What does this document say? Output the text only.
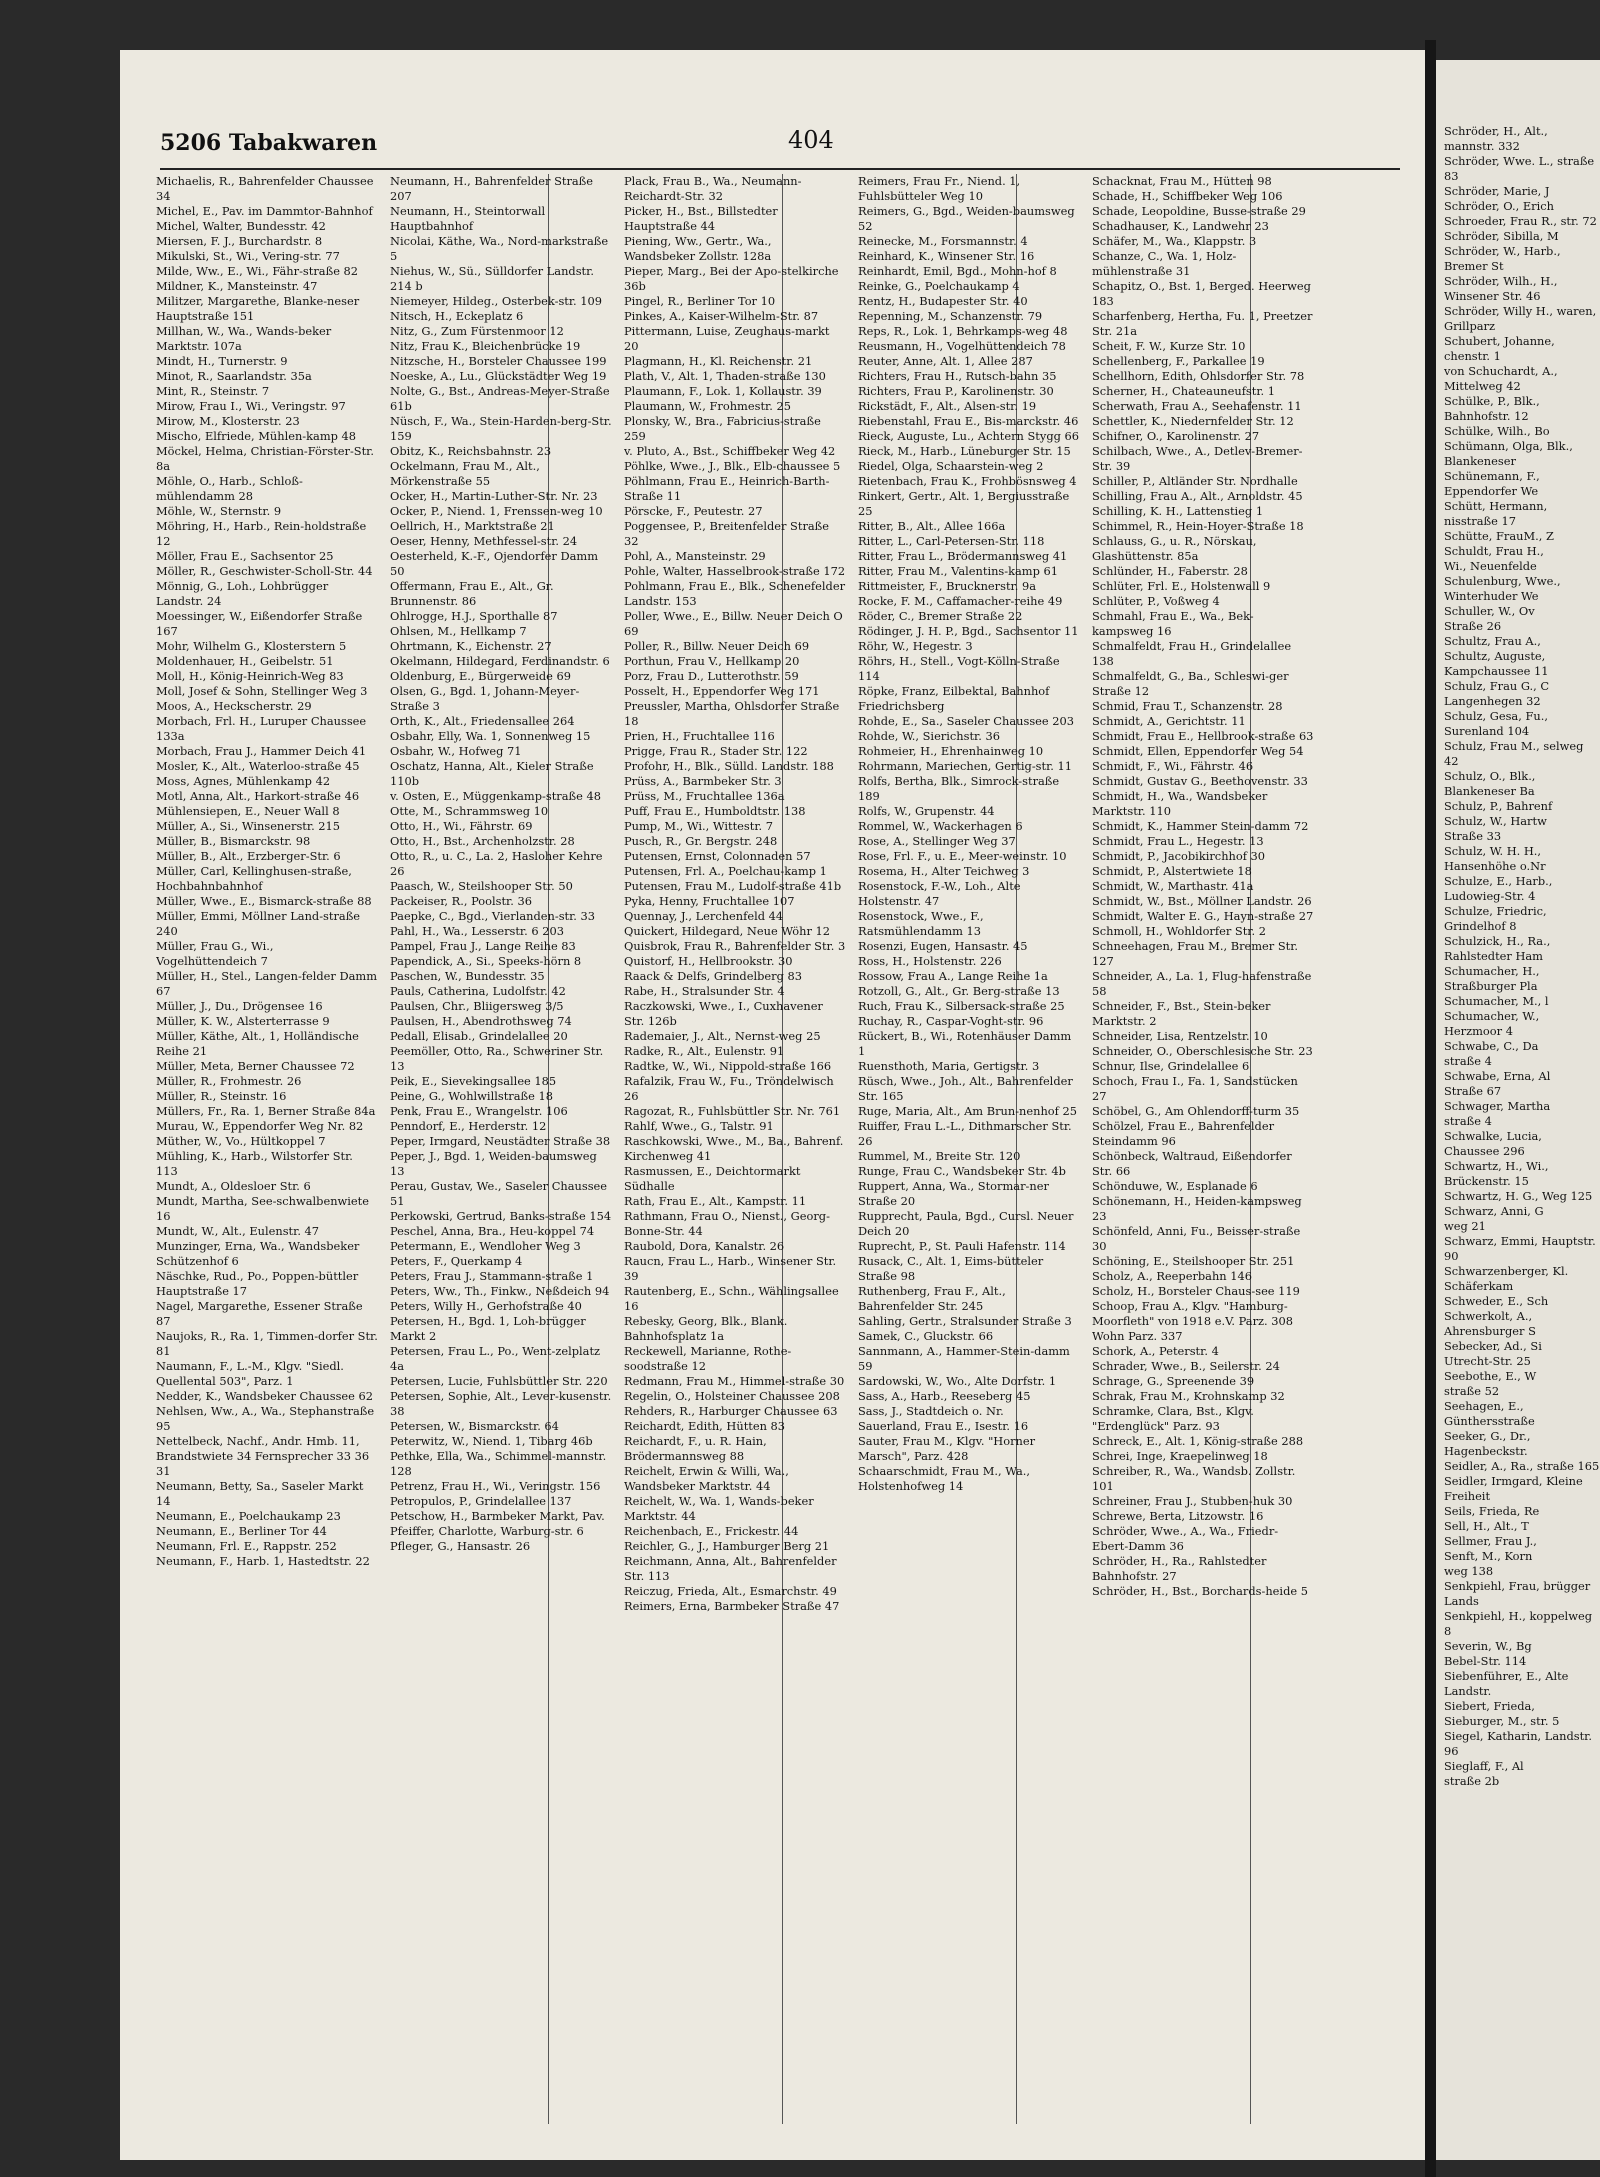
5206 Tabakwaren	404
Michaelis, R., Bahrenfelder Chaussee 34
Michel, E., Pav. im Dammtor-Bahnhof
Michel, Walter, Bundesstr. 42
Miersen, F. J., Burchardstr. 8
Mikulski, St., Wi., Vering-str. 77
Milde, Ww., E., Wi., Fähr-straße 82
Mildner, K., Mansteinstr. 47
Militzer, Margarethe, Blanke-neser Hauptstraße 151
Millhan, W., Wa., Wands-beker Marktstr. 107a
Mindt, H., Turnerstr. 9
Minot, R., Saarlandstr. 35a
Mint, R., Steinstr. 7
Mirow, Frau I., Wi., Veringstr. 97
Mirow, M., Klosterstr. 23
Mischo, Elfriede, Mühlen-kamp 48
Möckel, Helma, Christian-Förster-Str. 8a
Möhle, O., Harb., Schloß-mühlendamm 28
Möhle, W., Sternstr. 9
Möhring, H., Harb., Rein-holdstraße 12
Möller, Frau E., Sachsentor 25
Möller, R., Geschwister-Scholl-Str. 44
Mönnig, G., Loh., Lohbrügger Landstr. 24
Moessinger, W., Eißendorfer Straße 167
Mohr, Wilhelm G., Klosterstern 5
Moldenhauer, H., Geibelstr. 51
Moll, H., König-Heinrich-Weg 83
Moll, Josef & Sohn, Stellinger Weg 3
Moos, A., Heckscherstr. 29
Morbach, Frl. H., Luruper Chaussee 133a
Morbach, Frau J., Hammer Deich 41
Mosler, K., Alt., Waterloo-straße 45
Moss, Agnes, Mühlenkamp 42
Motl, Anna, Alt., Harkort-straße 46
Mühlensiepen, E., Neuer Wall 8
Müller, A., Si., Winsenerstr. 215
Müller, B., Bismarckstr. 98
Müller, B., Alt., Erzberger-Str. 6
Müller, Carl, Kellinghusen-straße, Hochbahnbahnhof
Müller, Wwe., E., Bismarck-straße 88
Müller, Emmi, Möllner Land-straße 240
Müller, Frau G., Wi., Vogelhüttendeich 7
Müller, H., Stel., Langen-felder Damm 67
Müller, J., Du., Drögensee 16
Müller, K. W., Alsterterrasse 9
Müller, Käthe, Alt., 1, Holländische Reihe 21
Müller, Meta, Berner Chaussee 72
Müller, R., Frohmestr. 26
Müller, R., Steinstr. 16
Müllers, Fr., Ra. 1, Berner Straße 84a
Murau, W., Eppendorfer Weg Nr. 82
Müther, W., Vo., Hültkoppel 7
Mühling, K., Harb., Wilstorfer Str. 113
Mundt, A., Oldesloer Str. 6
Mundt, Martha, See-schwalbenwiete 16
Mundt, W., Alt., Eulenstr. 47
Munzinger, Erna, Wa., Wandsbeker Schützenhof 6
Näschke, Rud., Po., Poppen-büttler Hauptstraße 17
Nagel, Margarethe, Essener Straße 87
Naujoks, R., Ra. 1, Timmen-dorfer Str. 81
Naumann, F., L.-M., Klgv. "Siedl. Quellental 503", Parz. 1
Nedder, K., Wandsbeker Chaussee 62
Nehlsen, Ww., A., Wa., Stephanstraße 95
Nettelbeck, Nachf., Andr. Hmb. 11, Brandstwiete 34 Fernsprecher 33 36 31
Neumann, Betty, Sa., Saseler Markt 14
Neumann, E., Poelchaukamp 23
Neumann, E., Berliner Tor 44
Neumann, Frl. E., Rappstr. 252
Neumann, F., Harb. 1, Hastedtstr. 22
Neumann, H., Bahrenfelder Straße 207
Neumann, H., Steintorwall Hauptbahnhof
Nicolai, Käthe, Wa., Nord-markstraße 5
Niehus, W., Sü., Sülldorfer Landstr. 214 b
Niemeyer, Hildeg., Osterbek-str. 109
Nitsch, H., Eckeplatz 6
Nitz, G., Zum Fürstenmoor 12
Nitz, Frau K., Bleichenbrücke 19
Nitzsche, H., Borsteler Chaussee 199
Noeske, A., Lu., Glückstädter Weg 19
Nolte, G., Bst., Andreas-Meyer-Straße 61b
Nüsch, F., Wa., Stein-Harden-berg-Str. 159
Obitz, K., Reichsbahnstr. 23
Ockelmann, Frau M., Alt., Mörkenstraße 55
Ocker, H., Martin-Luther-Str. Nr. 23
Ocker, P., Niend. 1, Frenssen-weg 10
Oellrich, H., Marktstraße 21
Oeser, Henny, Methfessel-str. 24
Oesterheld, K.-F., Ojendorfer Damm 50
Offermann, Frau E., Alt., Gr. Brunnenstr. 86
Ohlrogge, H.J., Sporthalle 87
Ohlsen, M., Hellkamp 7
Ohrtmann, K., Eichenstr. 27
Okelmann, Hildegard, Ferdinandstr. 6
Oldenburg, E., Bürgerweide 69
Olsen, G., Bgd. 1, Johann-Meyer-Straße 3
Orth, K., Alt., Friedensallee 264
Osbahr, Elly, Wa. 1, Sonnenweg 15
Osbahr, W., Hofweg 71
Oschatz, Hanna, Alt., Kieler Straße 110b
v. Osten, E., Müggenkamp-straße 48
Otte, M., Schrammsweg 10
Otto, H., Wi., Fährstr. 69
Otto, H., Bst., Archenholzstr. 28
Otto, R., u. C., La. 2, Hasloher Kehre 26
Paasch, W., Steilshooper Str. 50
Packeiser, R., Poolstr. 36
Paepke, C., Bgd., Vierlanden-str. 33
Pahl, H., Wa., Lesserstr. 6 203
Pampel, Frau J., Lange Reihe 83
Papendick, A., Si., Speeks-hörn 8
Paschen, W., Bundesstr. 35
Pauls, Catherina, Ludolfstr. 42
Paulsen, Chr., Bliigersweg 3/5
Paulsen, H., Abendrothsweg 74
Pedall, Elisab., Grindelallee 20
Peemöller, Otto, Ra., Schweriner Str. 13
Peik, E., Sievekingsallee 185
Peine, G., Wohlwillstraße 18
Penk, Frau E., Wrangelstr. 106
Penndorf, E., Herderstr. 12
Peper, Irmgard, Neustädter Straße 38
Peper, J., Bgd. 1, Weiden-baumsweg 13
Perau, Gustav, We., Saseler Chaussee 51
Perkowski, Gertrud, Banks-straße 154
Peschel, Anna, Bra., Heu-koppel 74
Petermann, E., Wendloher Weg 3
Peters, F., Querkamp 4
Peters, Frau J., Stammann-straße 1
Peters, Ww., Th., Finkw., Neßdeich 94
Peters, Willy H., Gerhofstraße 40
Petersen, H., Bgd. 1, Loh-brügger Markt 2
Petersen, Frau L., Po., Went-zelplatz 4a
Petersen, Lucie, Fuhlsbüttler Str. 220
Petersen, Sophie, Alt., Lever-kusenstr. 38
Petersen, W., Bismarckstr. 64
Peterwitz, W., Niend. 1, Tibarg 46b
Pethke, Ella, Wa., Schimmel-mannstr. 128
Petrenz, Frau H., Wi., Veringstr. 156
Petropulos, P., Grindelallee 137
Petschow, H., Barmbeker Markt, Pav.
Pfeiffer, Charlotte, Warburg-str. 6
Pfleger, G., Hansastr. 26
Plack, Frau B., Wa., Neumann-Reichardt-Str. 32
Picker, H., Bst., Billstedter Hauptstraße 44
Piening, Ww., Gertr., Wa., Wandsbeker Zollstr. 128a
Pieper, Marg., Bei der Apo-stelkirche 36b
Pingel, R., Berliner Tor 10
Pinkes, A., Kaiser-Wilhelm-Str. 87
Pittermann, Luise, Zeughaus-markt 20
Plagmann, H., Kl. Reichenstr. 21
Plath, V., Alt. 1, Thaden-straße 130
Plaumann, F., Lok. 1, Kollaustr. 39
Plaumann, W., Frohmestr. 25
Plonsky, W., Bra., Fabricius-straße 259
v. Pluto, A., Bst., Schiffbeker Weg 42
Pöhlke, Wwe., J., Blk., Elb-chaussee 5
Pöhlmann, Frau E., Heinrich-Barth-Straße 11
Pörscke, F., Peutestr. 27
Poggensee, P., Breitenfelder Straße 32
Pohl, A., Mansteinstr. 29
Pohle, Walter, Hasselbrook-straße 172
Pohlmann, Frau E., Blk., Schenefelder Landstr. 153
Poller, Wwe., E., Billw. Neuer Deich O 69
Poller, R., Billw. Neuer Deich 69
Porthun, Frau V., Hellkamp 20
Porz, Frau D., Lutterothstr. 59
Posselt, H., Eppendorfer Weg 171
Preussler, Martha, Ohlsdorfer Straße 18
Prien, H., Fruchtallee 116
Prigge, Frau R., Stader Str. 122
Profohr, H., Blk., Sülld. Landstr. 188
Prüss, A., Barmbeker Str. 3
Prüss, M., Fruchtallee 136a
Puff, Frau E., Humboldtstr. 138
Pump, M., Wi., Wittestr. 7
Pusch, R., Gr. Bergstr. 248
Putensen, Ernst, Colonnaden 57
Putensen, Frl. A., Poelchau-kamp 1
Putensen, Frau M., Ludolf-straße 41b
Pyka, Henny, Fruchtallee 107
Quennay, J., Lerchenfeld 44
Quickert, Hildegard, Neue Wöhr 12
Quisbrok, Frau R., Bahrenfelder Str. 3
Quistorf, H., Hellbrookstr. 30
Raack & Delfs, Grindelberg 83
Rabe, H., Stralsunder Str. 4
Raczkowski, Wwe., I., Cuxhavener Str. 126b
Rademaier, J., Alt., Nernst-weg 25
Radke, R., Alt., Eulenstr. 91
Radtke, W., Wi., Nippold-straße 166
Rafalzik, Frau W., Fu., Tröndelwisch 26
Ragozat, R., Fuhlsbüttler Str. Nr. 761
Rahlf, Wwe., G., Talstr. 91
Raschkowski, Wwe., M., Ba., Bahrenf. Kirchenweg 41
Rasmussen, E., Deichtormarkt Südhalle
Rath, Frau E., Alt., Kampstr. 11
Rathmann, Frau O., Nienst., Georg-Bonne-Str. 44
Raubold, Dora, Kanalstr. 26
Raucn, Frau L., Harb., Winsener Str. 39
Rautenberg, E., Schn., Wählingsallee 16
Rebesky, Georg, Blk., Blank. Bahnhofsplatz 1a
Reckewell, Marianne, Rothe-soodstraße 12
Redmann, Frau M., Himmel-straße 30
Regelin, O., Holsteiner Chaussee 208
Rehders, R., Harburger Chaussee 63
Reichardt, Edith, Hütten 83
Reichardt, F., u. R. Hain, Brödermannsweg 88
Reichelt, Erwin & Willi, Wa., Wandsbeker Marktstr. 44
Reichelt, W., Wa. 1, Wands-beker Marktstr. 44
Reichenbach, E., Frickestr. 44
Reichler, G., J., Hamburger Berg 21
Reichmann, Anna, Alt., Bahrenfelder Str. 113
Reiczug, Frieda, Alt., Esmarchstr. 49
Reimers, Erna, Barmbeker Straße 47
Reimers, Frau Fr., Niend. 1, Fuhlsbütteler Weg 10
Reimers, G., Bgd., Weiden-baumsweg 52
Reinecke, M., Forsmannstr. 4
Reinhard, K., Winsener Str. 16
Reinhardt, Emil, Bgd., Mohn-hof 8
Reinke, G., Poelchaukamp 4
Rentz, H., Budapester Str. 40
Repenning, M., Schanzenstr. 79
Reps, R., Lok. 1, Behrkamps-weg 48
Reusmann, H., Vogelhüttendeich 78
Reuter, Anne, Alt. 1, Allee 287
Richters, Frau H., Rutsch-bahn 35
Richters, Frau P., Karolinenstr. 30
Rickstädt, F., Alt., Alsen-str. 19
Riebenstahl, Frau E., Bis-marckstr. 46
Rieck, Auguste, Lu., Achtern Stygg 66
Rieck, M., Harb., Lüneburger Str. 15
Riedel, Olga, Schaarstein-weg 2
Rietenbach, Frau K., Frohbösnsweg 4
Rinkert, Gertr., Alt. 1, Bergiusstraße 25
Ritter, B., Alt., Allee 166a
Ritter, L., Carl-Petersen-Str. 118
Ritter, Frau L., Brödermannsweg 41
Ritter, Frau M., Valentins-kamp 61
Rittmeister, F., Brucknerstr. 9a
Rocke, F. M., Caffamacher-reihe 49
Röder, C., Bremer Straße 22
Rödinger, J. H. P., Bgd., Sachsentor 11
Röhr, W., Hegestr. 3
Röhrs, H., Stell., Vogt-Kölln-Straße 114
Röpke, Franz, Eilbektal, Bahnhof Friedrichsberg
Rohde, E., Sa., Saseler Chaussee 203
Rohde, W., Sierichstr. 36
Rohmeier, H., Ehrenhainweg 10
Rohrmann, Mariechen, Gertig-str. 11
Rolfs, Bertha, Blk., Simrock-straße 189
Rolfs, W., Grupenstr. 44
Rommel, W., Wackerhagen 6
Rose, A., Stellinger Weg 37
Rose, Frl. F., u. E., Meer-weinstr. 10
Rosema, H., Alter Teichweg 3
Rosenstock, F.-W., Loh., Alte Holstenstr. 47
Rosenstock, Wwe., F., Ratsmühlendamm 13
Rosenzi, Eugen, Hansastr. 45
Ross, H., Holstenstr. 226
Rossow, Frau A., Lange Reihe 1a
Rotzoll, G., Alt., Gr. Berg-straße 13
Ruch, Frau K., Silbersack-straße 25
Ruchay, R., Caspar-Voght-str. 96
Rückert, B., Wi., Rotenhäuser Damm 1
Ruensthoth, Maria, Gertigstr. 3
Rüsch, Wwe., Joh., Alt., Bahrenfelder Str. 165
Ruge, Maria, Alt., Am Brun-nenhof 25
Ruiffer, Frau L.-L., Dithmarscher Str. 26
Rummel, M., Breite Str. 120
Runge, Frau C., Wandsbeker Str. 4b
Ruppert, Anna, Wa., Stormar-ner Straße 20
Rupprecht, Paula, Bgd., Cursl. Neuer Deich 20
Ruprecht, P., St. Pauli Hafenstr. 114
Rusack, C., Alt. 1, Eims-bütteler Straße 98
Ruthenberg, Frau F., Alt., Bahrenfelder Str. 245
Sahling, Gertr., Stralsunder Straße 3
Samek, C., Gluckstr. 66
Sannmann, A., Hammer-Stein-damm 59
Sardowski, W., Wo., Alte Dorfstr. 1
Sass, A., Harb., Reeseberg 45
Sass, J., Stadtdeich o. Nr.
Sauerland, Frau E., Isestr. 16
Sauter, Frau M., Klgv. "Horner Marsch", Parz. 428
Schaarschmidt, Frau M., Wa., Holstenhofweg 14
Schacknat, Frau M., Hütten 98
Schade, H., Schiffbeker Weg 106
Schade, Leopoldine, Busse-straße 29
Schadhauser, K., Landwehr 23
Schäfer, M., Wa., Klappstr. 3
Schanze, C., Wa. 1, Holz-mühlenstraße 31
Schapitz, O., Bst. 1, Berged. Heerweg 183
Scharfenberg, Hertha, Fu. 1, Preetzer Str. 21a
Scheit, F. W., Kurze Str. 10
Schellenberg, F., Parkallee 19
Schellhorn, Edith, Ohlsdorfer Str. 78
Scherner, H., Chateauneufstr. 1
Scherwath, Frau A., Seehafenstr. 11
Schettler, K., Niedernfelder Str. 12
Schifner, O., Karolinenstr. 27
Schilbach, Wwe., A., Detlev-Bremer-Str. 39
Schiller, P., Altländer Str. Nordhalle
Schilling, Frau A., Alt., Arnoldstr. 45
Schilling, K. H., Lattenstieg 1
Schimmel, R., Hein-Hoyer-Straße 18
Schlauss, G., u. R., Nörskau, Glashüttenstr. 85a
Schlünder, H., Faberstr. 28
Schlüter, Frl. E., Holstenwall 9
Schlüter, P., Voßweg 4
Schmahl, Frau E., Wa., Bek-kampsweg 16
Schmalfeldt, Frau H., Grindelallee 138
Schmalfeldt, G., Ba., Schleswi-ger Straße 12
Schmid, Frau T., Schanzenstr. 28
Schmidt, A., Gerichtstr. 11
Schmidt, Frau E., Hellbrook-straße 63
Schmidt, Ellen, Eppendorfer Weg 54
Schmidt, F., Wi., Fährstr. 46
Schmidt, Gustav G., Beethovenstr. 33
Schmidt, H., Wa., Wandsbeker Marktstr. 110
Schmidt, K., Hammer Stein-damm 72
Schmidt, Frau L., Hegestr. 13
Schmidt, P., Jacobikirchhof 30
Schmidt, P., Alstertwiete 18
Schmidt, W., Marthastr. 41a
Schmidt, W., Bst., Möllner Landstr. 26
Schmidt, Walter E. G., Hayn-straße 27
Schmoll, H., Wohldorfer Str. 2
Schneehagen, Frau M., Bremer Str. 127
Schneider, A., La. 1, Flug-hafenstraße 58
Schneider, F., Bst., Stein-beker Marktstr. 2
Schneider, Lisa, Rentzelstr. 10
Schneider, O., Oberschlesische Str. 23
Schnur, Ilse, Grindelallee 6
Schoch, Frau I., Fa. 1, Sandstücken 27
Schöbel, G., Am Ohlendorff-turm 35
Schölzel, Frau E., Bahrenfelder Steindamm 96
Schönbeck, Waltraud, Eißendorfer Str. 66
Schönduwe, W., Esplanade 6
Schönemann, H., Heiden-kampsweg 23
Schönfeld, Anni, Fu., Beisser-straße 30
Schöning, E., Steilshooper Str. 251
Scholz, A., Reeperbahn 146
Scholz, H., Borsteler Chaus-see 119
Schoop, Frau A., Klgv. "Hamburg-Moorfleth" von 1918 e.V. Parz. 308 Wohn Parz. 337
Schork, A., Peterstr. 4
Schrader, Wwe., B., Seilerstr. 24
Schrage, G., Spreenende 39
Schrak, Frau M., Krohnskamp 32
Schramke, Clara, Bst., Klgv. "Erdenglück" Parz. 93
Schreck, E., Alt. 1, König-straße 288
Schrei, Inge, Kraepelinweg 18
Schreiber, R., Wa., Wandsb. Zollstr. 101
Schreiner, Frau J., Stubben-huk 30
Schrewe, Berta, Litzowstr. 16
Schröder, Wwe., A., Wa., Friedr-Ebert-Damm 36
Schröder, H., Ra., Rahlstedter Bahnhofstr. 27
Schröder, H., Bst., Borchards-heide 5
Schröder, H., Alt., mannstr. 332
Schröder, Wwe. L., straße 83
Schröder, Marie, J
Schröder, O., Erich
Schroeder, Frau R., str. 72
Schröder, Sibilla, M
Schröder, W., Harb., Bremer St
Schröder, Wilh., H., Winsener Str. 46
Schröder, Willy H., waren, Grillparz
Schubert, Johanne, chenstr. 1
von Schuchardt, A., Mittelweg 42
Schülke, P., Blk., Bahnhofstr. 12
Schülke, Wilh., Bo
Schümann, Olga, Blk., Blankeneser
Schünemann, F., Eppendorfer We
Schütt, Hermann, nisstraße 17
Schütte, FrauM., Z
Schuldt, Frau H.,
Wi., Neuenfelde
Schulenburg, Wwe., Winterhuder We
Schuller, W., Ov
Straße 26
Schultz, Frau A.,
Schultz, Auguste, Kampchaussee 11
Schulz, Frau G., C
Langenhegen 32
Schulz, Gesa, Fu., Surenland 104
Schulz, Frau M., selweg 42
Schulz, O., Blk., Blankeneser Ba
Schulz, P., Bahrenf
Schulz, W., Hartw
Straße 33
Schulz, W. H. H., Hansenhöhe o.Nr
Schulze, E., Harb., Ludowieg-Str. 4
Schulze, Friedric, Grindelhof 8
Schulzick, H., Ra., Rahlstedter Ham
Schumacher, H., Straßburger Pla
Schumacher, M., l
Schumacher, W., Herzmoor 4
Schwabe, C., Da
straße 4
Schwabe, Erna, Al
Straße 67
Schwager, Martha
straße 4
Schwalke, Lucia, Chaussee 296
Schwartz, H., Wi., Brückenstr. 15
Schwartz, H. G., Weg 125
Schwarz, Anni, G
weg 21
Schwarz, Emmi, Hauptstr. 90
Schwarzenberger, Kl. Schäferkam
Schweder, E., Sch
Schwerkolt, A., Ahrensburger S
Sebecker, Ad., Si
Utrecht-Str. 25
Seebothe, E., W
straße 52
Seehagen, E., Günthersstraße
Seeker, G., Dr., Hagenbeckstr.
Seidler, A., Ra., straße 165
Seidler, Irmgard, Kleine Freiheit
Seils, Frieda, Re
Sell, H., Alt., T
Sellmer, Frau J.,
Senft, M., Korn
weg 138
Senkpiehl, Frau, brügger Lands
Senkpiehl, H., koppelweg 8
Severin, W., Bg
Bebel-Str. 114
Siebenführer, E., Alte Landstr.
Siebert, Frieda,
Sieburger, M., str. 5
Siegel, Katharin, Landstr. 96
Sieglaff, F., Al
straße 2b
